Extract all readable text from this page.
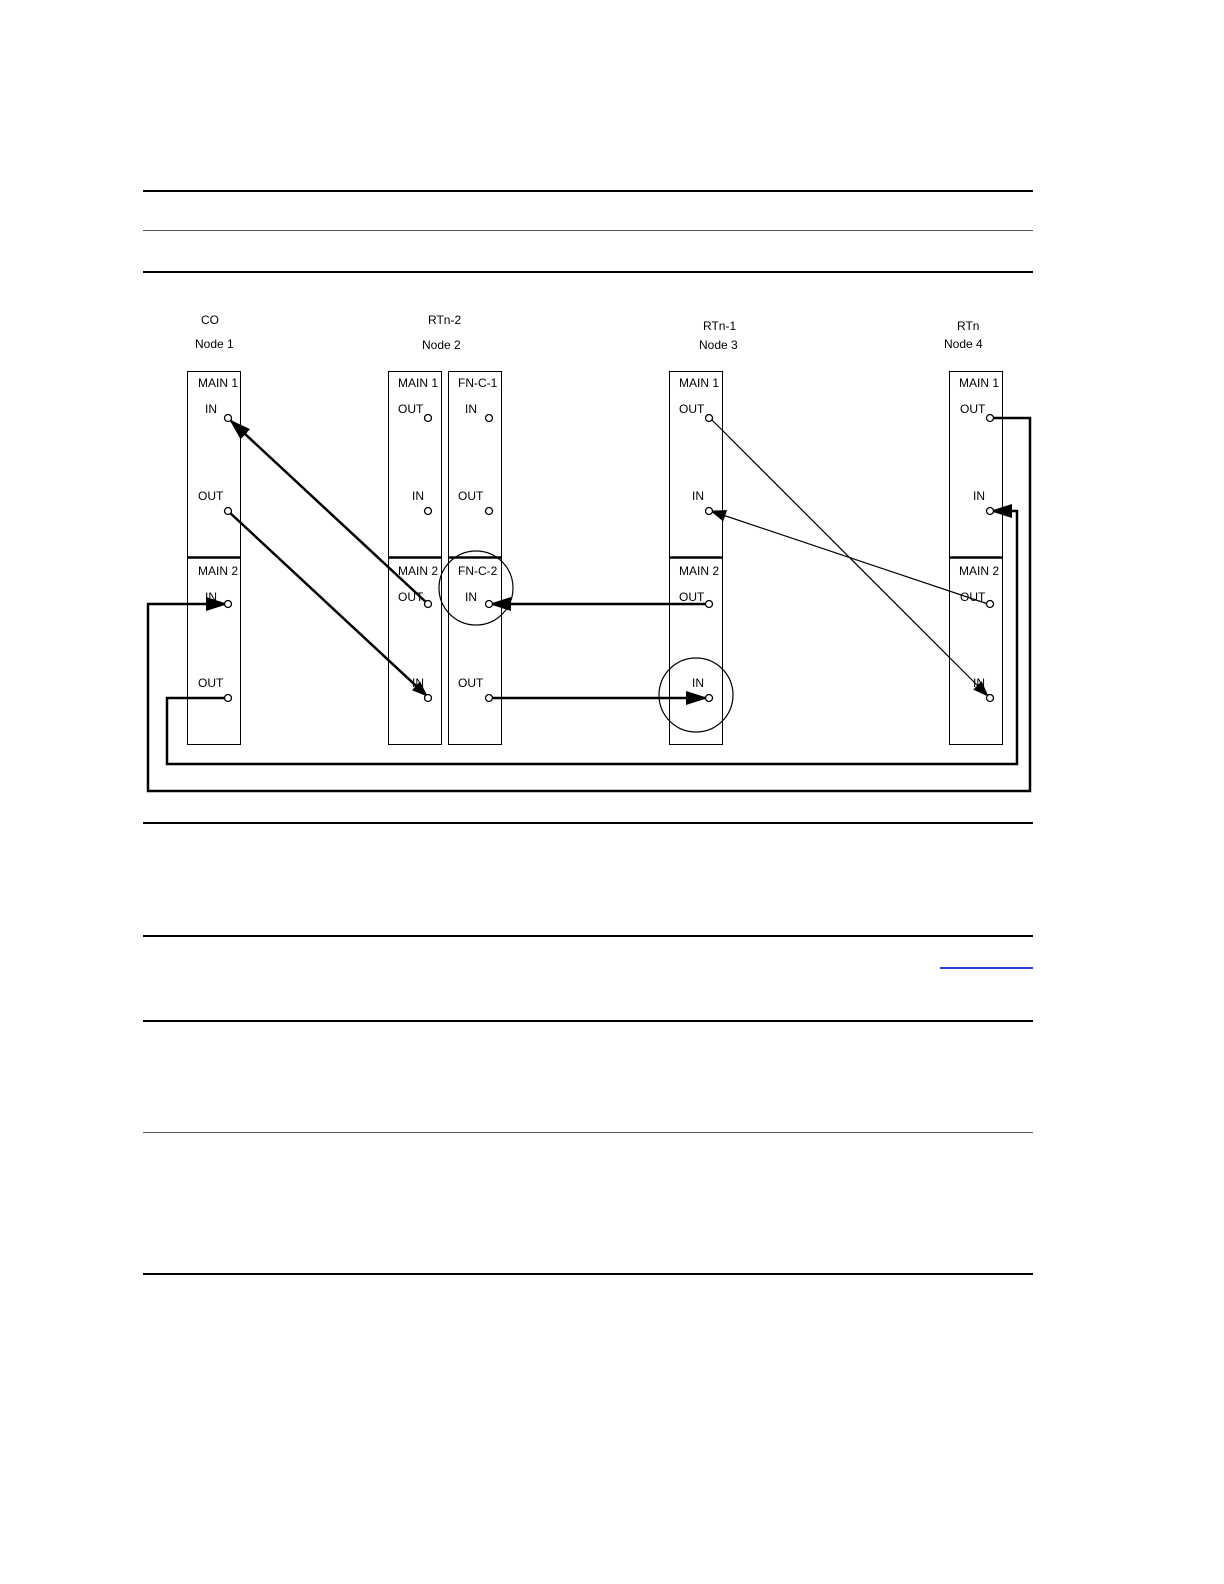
CO
Node 1
RTn-2
Node 2
RTn-1
Node 3
RTn
Node 4
MAIN 1
MAIN 2
MAIN 1
MAIN 2
FN-C-1
FN-C-2
MAIN 1
MAIN 2
MAIN 1
MAIN 2
IN
OUT
IN
OUT
OUT
IN
OUT
IN
IN
OUT
IN
OUT
OUT
IN
OUT
IN
OUT
IN
OUT
IN
